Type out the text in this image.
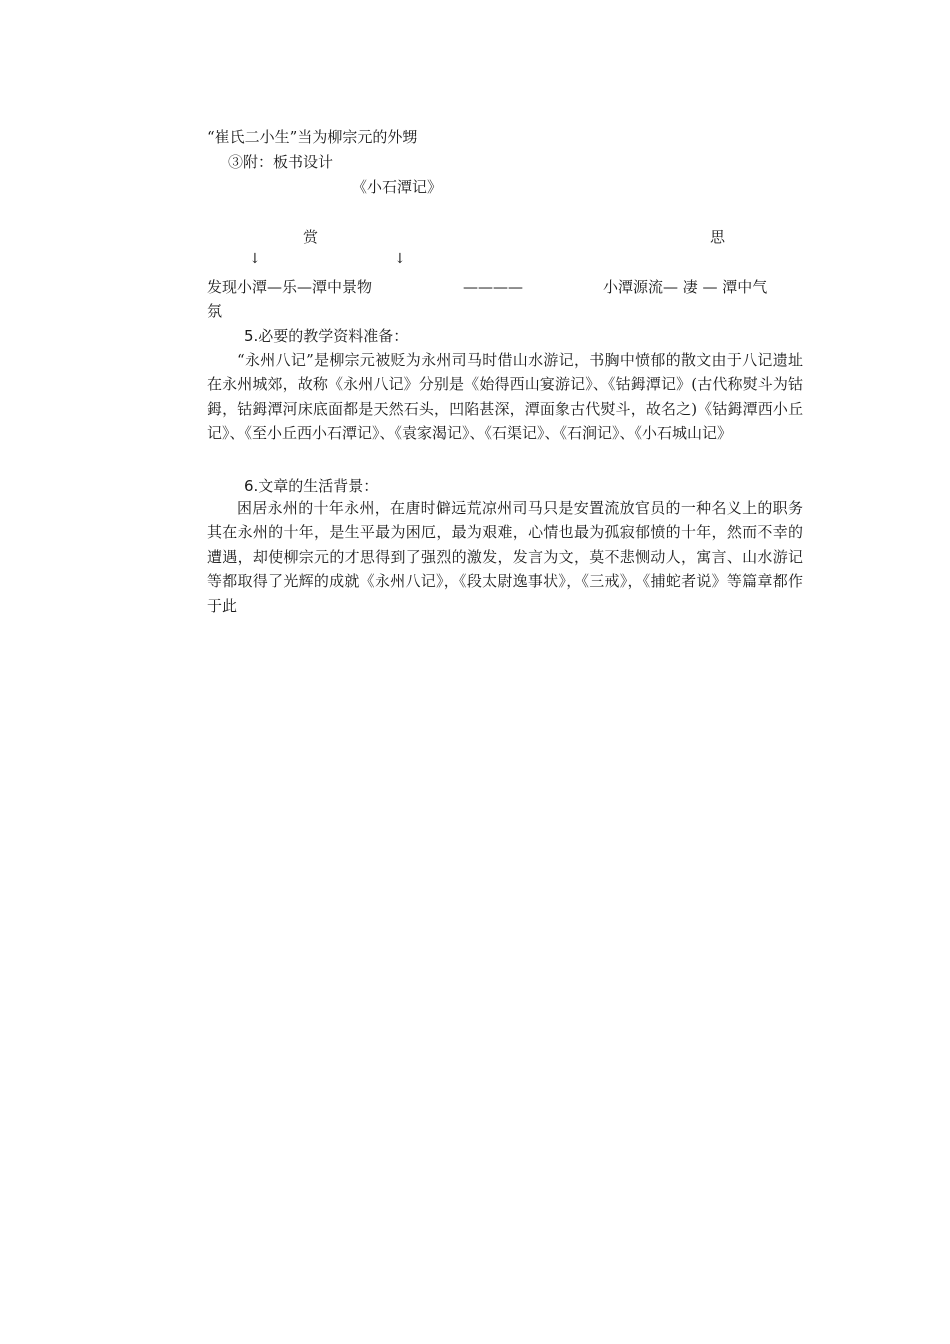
“崔氏二小生”当为柳宗元的外甥
③附：板书设计
《小石潭记》
赏	思
↓	↓
发现小潭—乐—潭中景物	————	小潭源流— 凄 — 潭中气
氛
5.必要的教学资料准备：
“永州八记”是柳宗元被贬为永州司马时借山水游记，书胸中愤郁的散文由于八记遗址在永州城郊，故称《永州八记》分别是《始得西山宴游记》、《钴鉧潭记》(古代称熨斗为钴鉧，钴鉧潭河床底面都是天然石头，凹陷甚深，潭面象古代熨斗，故名之)《钴鉧潭西小丘记》、《至小丘西小石潭记》、《袁家渴记》、《石渠记》、《石涧记》、《小石城山记》
6.文章的生活背景：
困居永州的十年永州，在唐时僻远荒凉州司马只是安置流放官员的一种名义上的职务其在永州的十年，是生平最为困厄，最为艰难，心情也最为孤寂郁愤的十年，然而不幸的遭遇，却使柳宗元的才思得到了强烈的激发，发言为文，莫不悲恻动人，寓言、山水游记等都取得了光辉的成就《永州八记》，《段太尉逸事状》，《三戒》，《捕蛇者说》等篇章都作于此
